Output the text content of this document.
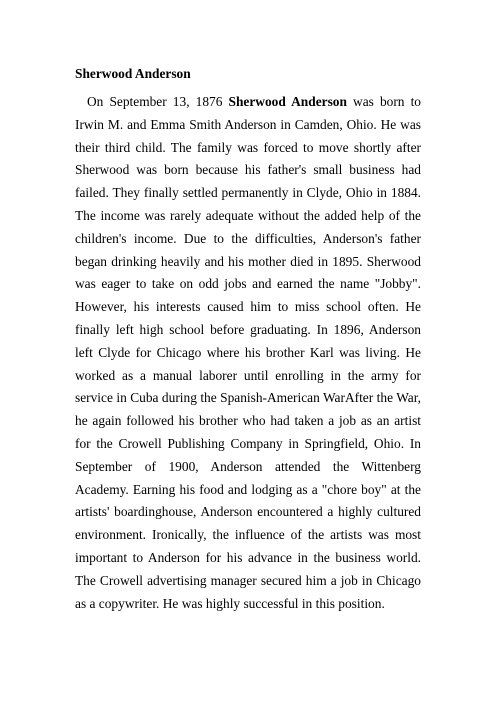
Sherwood Anderson

On September 13, 1876 Sherwood Anderson was born to Irwin M. and Emma Smith Anderson in Camden, Ohio. He was their third child. The family was forced to move shortly after Sherwood was born because his father's small business had failed. They finally settled permanently in Clyde, Ohio in 1884. The income was rarely adequate without the added help of the children's income. Due to the difficulties, Anderson's father began drinking heavily and his mother died in 1895. Sherwood was eager to take on odd jobs and earned the name "Jobby". However, his interests caused him to miss school often. He finally left high school before graduating. In 1896, Anderson left Clyde for Chicago where his brother Karl was living. He worked as a manual laborer until enrolling in the army for service in Cuba during the Spanish-American WarAfter the War, he again followed his brother who had taken a job as an artist for the Crowell Publishing Company in Springfield, Ohio. In September of 1900, Anderson attended the Wittenberg Academy. Earning his food and lodging as a "chore boy" at the artists' boardinghouse, Anderson encountered a highly cultured environment. Ironically, the influence of the artists was most important to Anderson for his advance in the business world. The Crowell advertising manager secured him a job in Chicago as a copywriter. He was highly successful in this position.
